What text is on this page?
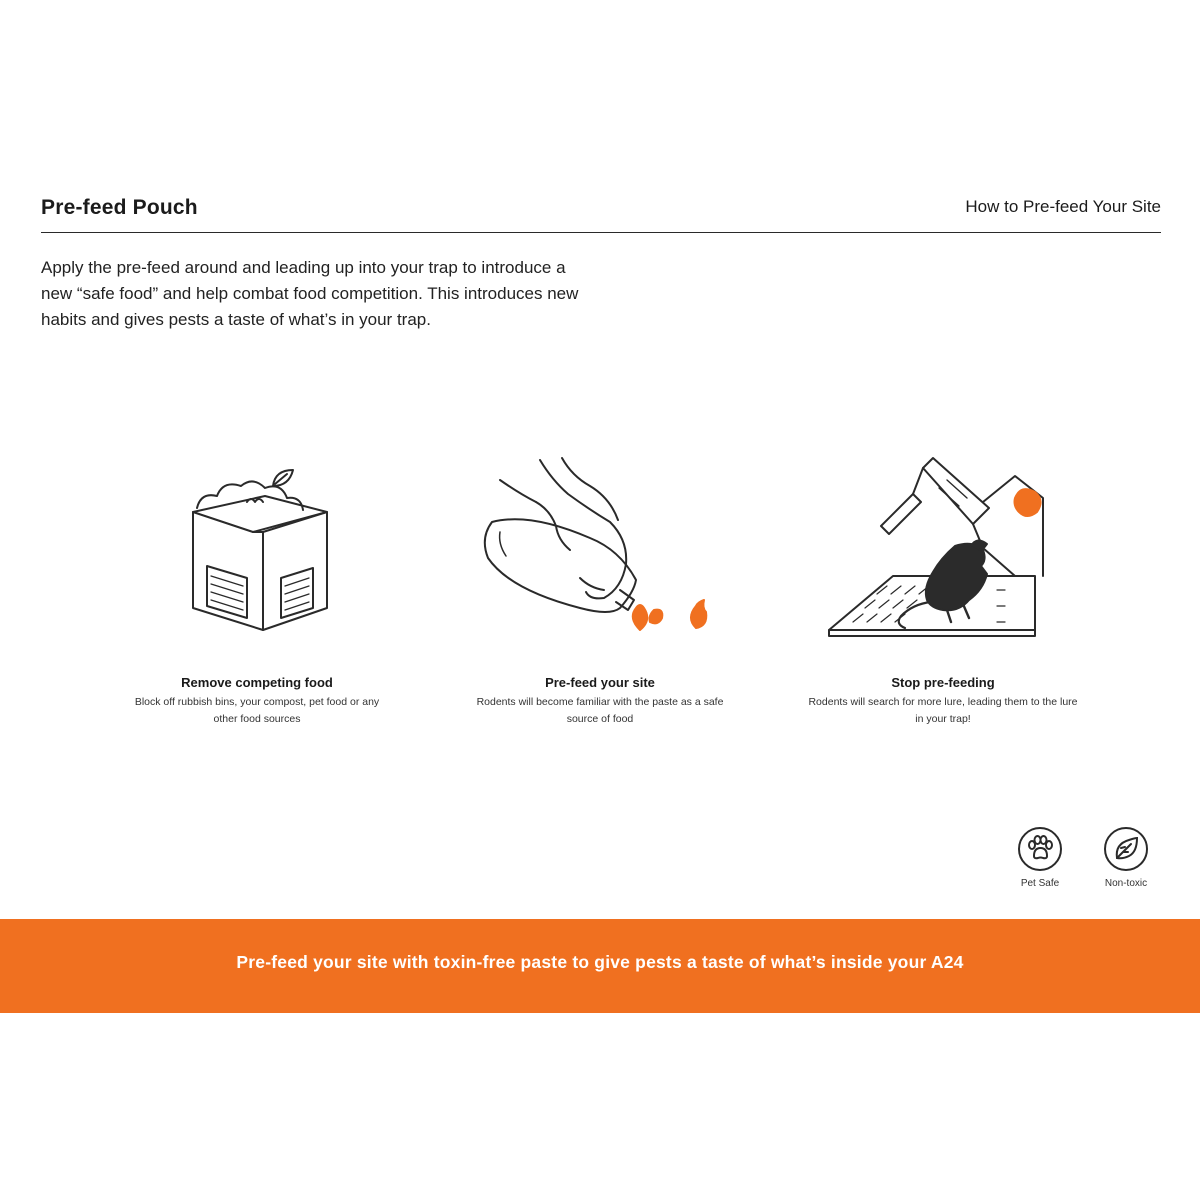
Pre-feed Pouch	How to Pre-feed Your Site
Apply the pre-feed around and leading up into your trap to introduce a new “safe food” and help combat food competition. This introduces new habits and gives pests a taste of what’s in your trap.
Remove competing food
Block off rubbish bins, your compost, pet food or any other food sources
Pre-feed your site
Rodents will become familiar with the paste as a safe source of food
Stop pre-feeding
Rodents will search for more lure, leading them to the lure in your trap!
Pet Safe	Non-toxic
Pre-feed your site with toxin-free paste to give pests a taste of what’s inside your A24
